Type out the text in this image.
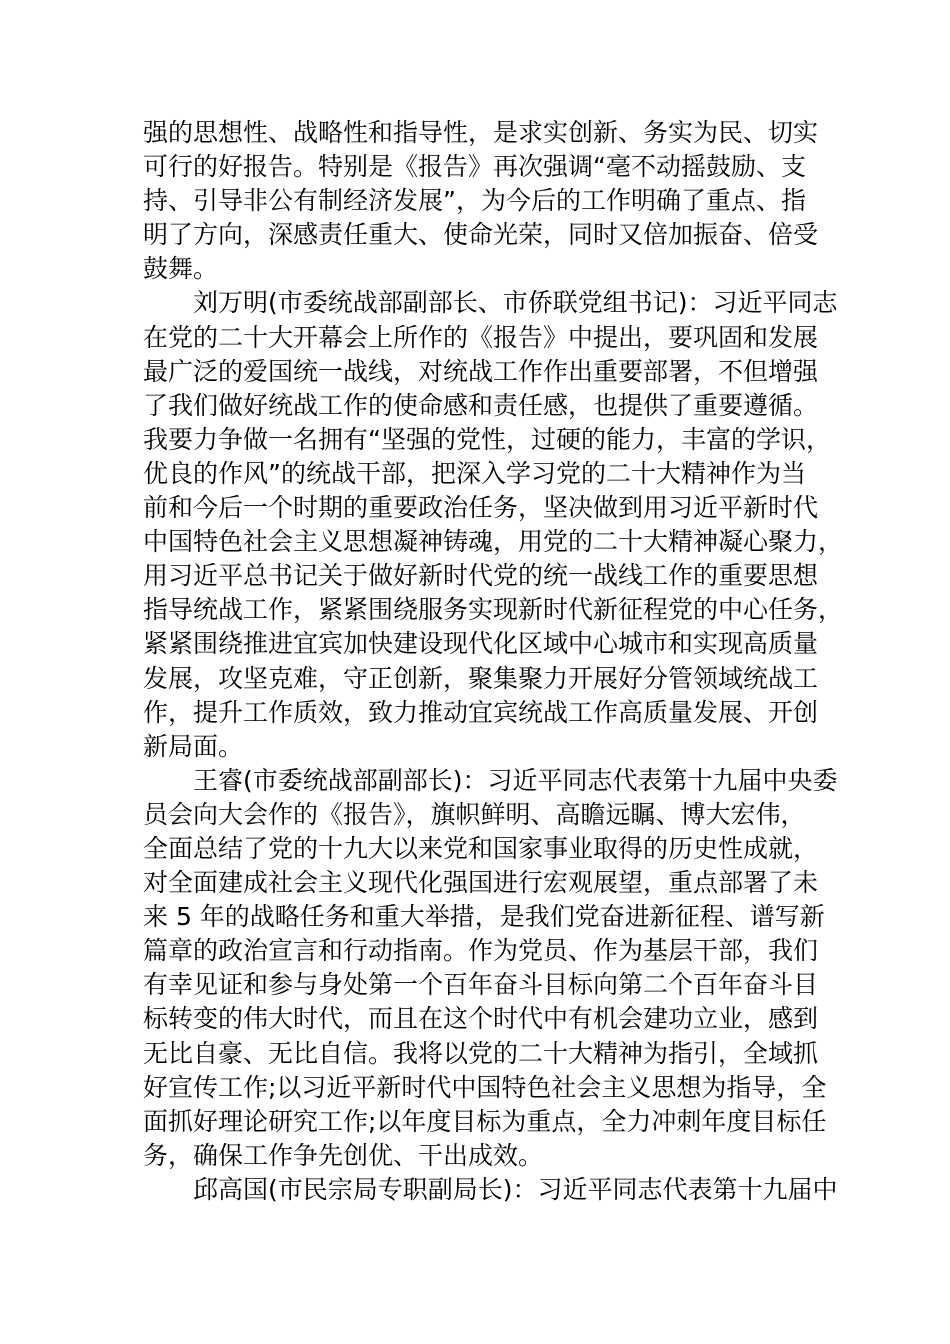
强的思想性、战略性和指导性，是求实创新、务实为民、切实
可行的好报告。特别是《报告》再次强调“毫不动摇鼓励、支
持、引导非公有制经济发展”，为今后的工作明确了重点、指
明了方向，深感责任重大、使命光荣，同时又倍加振奋、倍受
鼓舞。
刘万明(市委统战部副部长、市侨联党组书记)：习近平同志
在党的二十大开幕会上所作的《报告》中提出，要巩固和发展
最广泛的爱国统一战线，对统战工作作出重要部署，不但增强
了我们做好统战工作的使命感和责任感，也提供了重要遵循。
我要力争做一名拥有“坚强的党性，过硬的能力，丰富的学识，
优良的作风”的统战干部，把深入学习党的二十大精神作为当
前和今后一个时期的重要政治任务，坚决做到用习近平新时代
中国特色社会主义思想凝神铸魂，用党的二十大精神凝心聚力，
用习近平总书记关于做好新时代党的统一战线工作的重要思想
指导统战工作，紧紧围绕服务实现新时代新征程党的中心任务，
紧紧围绕推进宜宾加快建设现代化区域中心城市和实现高质量
发展，攻坚克难，守正创新，聚集聚力开展好分管领域统战工
作，提升工作质效，致力推动宜宾统战工作高质量发展、开创
新局面。
王睿(市委统战部副部长)：习近平同志代表第十九届中央委
员会向大会作的《报告》，旗帜鲜明、高瞻远瞩、博大宏伟，
全面总结了党的十九大以来党和国家事业取得的历史性成就，
对全面建成社会主义现代化强国进行宏观展望，重点部署了未
来 5 年的战略任务和重大举措，是我们党奋进新征程、谱写新
篇章的政治宣言和行动指南。作为党员、作为基层干部，我们
有幸见证和参与身处第一个百年奋斗目标向第二个百年奋斗目
标转变的伟大时代，而且在这个时代中有机会建功立业，感到
无比自豪、无比自信。我将以党的二十大精神为指引，全域抓
好宣传工作;以习近平新时代中国特色社会主义思想为指导，全
面抓好理论研究工作;以年度目标为重点，全力冲刺年度目标任
务，确保工作争先创优、干出成效。
邱高国(市民宗局专职副局长)：习近平同志代表第十九届中
